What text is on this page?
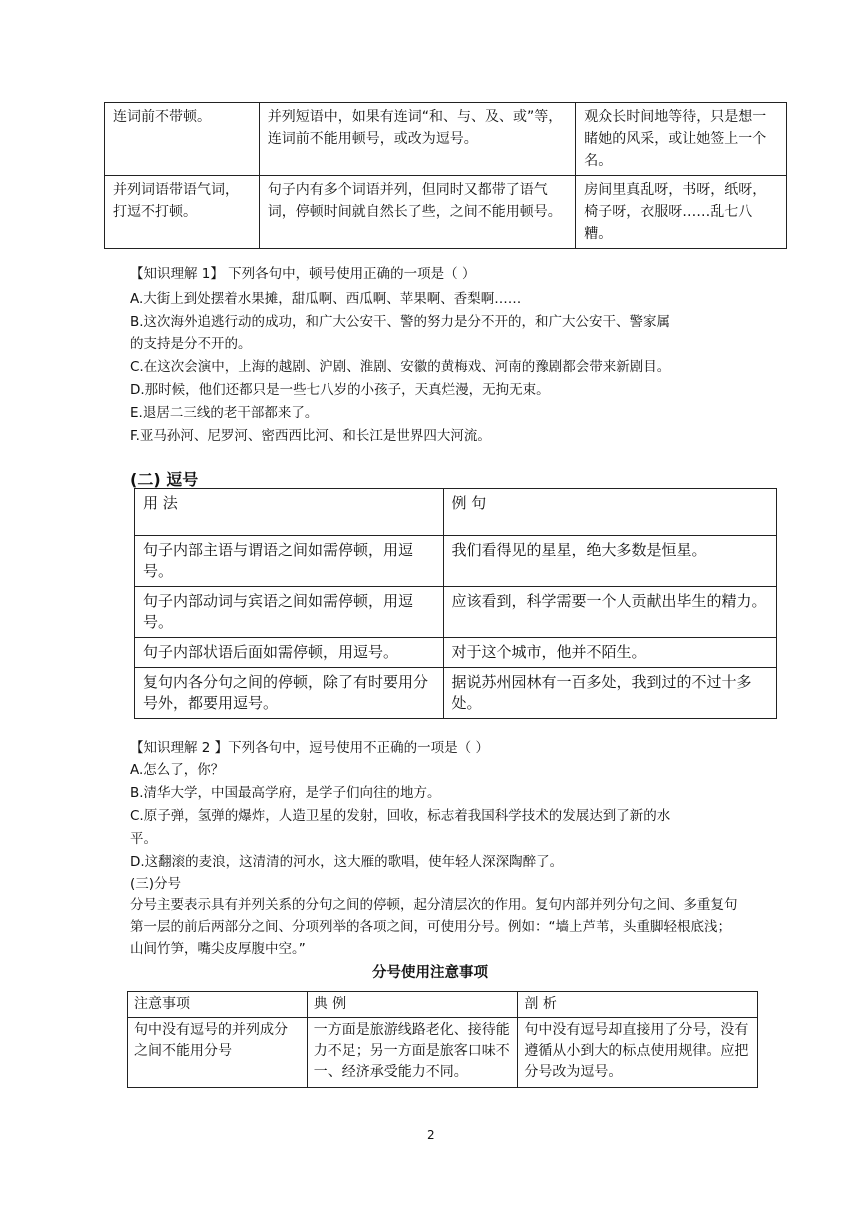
连词前不带顿。	并列短语中，如果有连词“和、与、及、或”等，连词前不能用顿号，或改为逗号。	观众长时间地等待，只是想一睹她的风采，或让她签上一个名。
并列词语带语气词，打逗不打顿。	句子内有多个词语并列，但同时又都带了语气词，停顿时间就自然长了些，之间不能用顿号。	房间里真乱呀，书呀，纸呀，椅子呀，衣服呀……乱七八糟。
【知识理解 1】 下列各句中，顿号使用正确的一项是（ ）
A.大街上到处摆着水果摊，甜瓜啊、西瓜啊、苹果啊、香梨啊……
B.这次海外追逃行动的成功，和广大公安干、警的努力是分不开的，和广大公安干、警家属
的支持是分不开的。
C.在这次会演中，上海的越剧、沪剧、淮剧、安徽的黄梅戏、河南的豫剧都会带来新剧目。
D.那时候，他们还都只是一些七八岁的小孩子，天真烂漫，无拘无束。
E.退居二三线的老干部都来了。
F.亚马孙河、尼罗河、密西西比河、和长江是世界四大河流。
(二) 逗号
用 法	例 句
句子内部主语与谓语之间如需停顿，用逗号。	我们看得见的星星，绝大多数是恒星。
句子内部动词与宾语之间如需停顿，用逗号。	应该看到，科学需要一个人贡献出毕生的精力。
句子内部状语后面如需停顿，用逗号。	对于这个城市，他并不陌生。
复句内各分句之间的停顿，除了有时要用分号外，都要用逗号。	据说苏州园林有一百多处，我到过的不过十多处。
【知识理解 2 】下列各句中，逗号使用不正确的一项是（ ）
A.怎么了，你？
B.清华大学，中国最高学府，是学子们向往的地方。
C.原子弹，氢弹的爆炸，人造卫星的发射，回收，标志着我国科学技术的发展达到了新的水
平。
D.这翻滚的麦浪，这清清的河水，这大雁的歌唱，使年轻人深深陶醉了。
(三)分号
分号主要表示具有并列关系的分句之间的停顿，起分清层次的作用。复句内部并列分句之间、多重复句第一层的前后两部分之间、分项列举的各项之间，可使用分号。例如：“墙上芦苇，头重脚轻根底浅；山间竹笋，嘴尖皮厚腹中空。”
分号使用注意事项
注意事项	典 例	剖 析
句中没有逗号的并列成分之间不能用分号	一方面是旅游线路老化、接待能力不足；另一方面是旅客口味不一、经济承受能力不同。	句中没有逗号却直接用了分号，没有遵循从小到大的标点使用规律。应把分号改为逗号。
2
